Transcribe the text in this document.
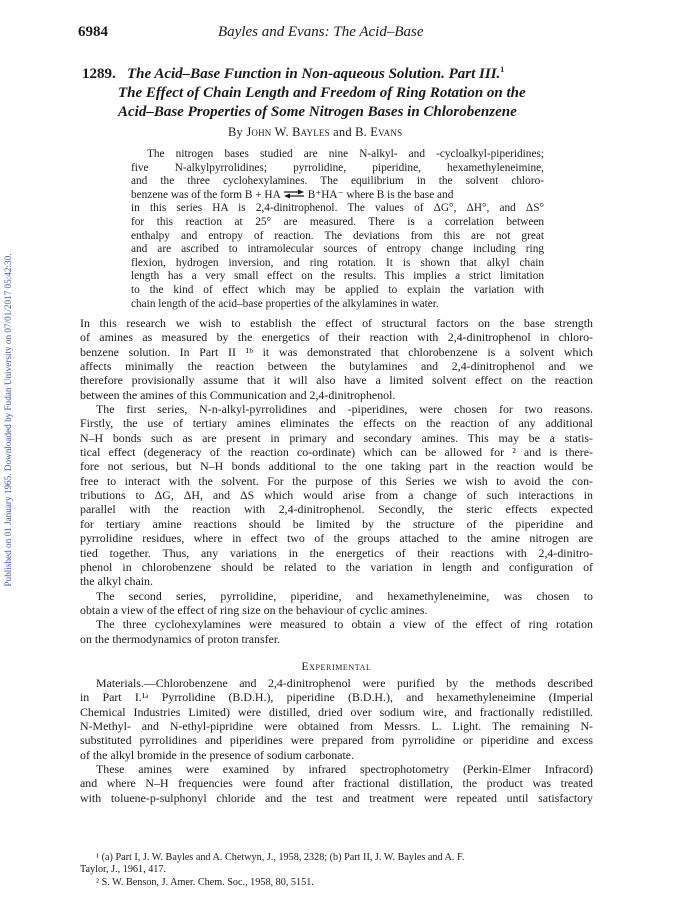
Published on 01 January 1965. Downloaded by Fudan University on 07/01/2017 05:42:30.
6984	Bayles and Evans: The Acid–Base
1289. The Acid–Base Function in Non-aqueous Solution. Part III.$^1$
The Effect of Chain Length and Freedom of Ring Rotation on the
Acid–Base Properties of Some Nitrogen Bases in Chlorobenzene
By John W. Bayles and B. Evans
The nitrogen bases studied are nine N-alkyl- and -cycloalkyl-piperidines;
five N-alkylpyrrolidines; pyrrolidine, piperidine, hexamethyleneimine,
and the three cyclohexylamines. The equilibrium in the solvent chloro-
benzene was of the form B + HA ⇌ B⁺HA⁻ where B is the base and
in this series HA is 2,4-dinitrophenol. The values of ΔG°, ΔH°, and ΔS°
for this reaction at 25° are measured. There is a correlation between
enthalpy and entropy of reaction. The deviations from this are not great
and are ascribed to intramolecular sources of entropy change including ring
flexion, hydrogen inversion, and ring rotation. It is shown that alkyl chain
length has a very small effect on the results. This implies a strict limitation
to the kind of effect which may be applied to explain the variation with
chain length of the acid–base properties of the alkylamines in water.
In this research we wish to establish the effect of structural factors on the base strength
of amines as measured by the energetics of their reaction with 2,4-dinitrophenol in chloro-
benzene solution. In Part II ¹ᵇ it was demonstrated that chlorobenzene is a solvent which
affects minimally the reaction between the butylamines and 2,4-dinitrophenol and we
therefore provisionally assume that it will also have a limited solvent effect on the reaction
between the amines of this Communication and 2,4-dinitrophenol.
The first series, N-n-alkyl-pyrrolidines and -piperidines, were chosen for two reasons.
Firstly, the use of tertiary amines eliminates the effects on the reaction of any additional
N–H bonds such as are present in primary and secondary amines. This may be a statis-
tical effect (degeneracy of the reaction co-ordinate) which can be allowed for ² and is there-
fore not serious, but N–H bonds additional to the one taking part in the reaction would be
free to interact with the solvent. For the purpose of this Series we wish to avoid the con-
tributions to ΔG, ΔH, and ΔS which would arise from a change of such interactions in
parallel with the reaction with 2,4-dinitrophenol. Secondly, the steric effects expected
for tertiary amine reactions should be limited by the structure of the piperidine and
pyrrolidine residues, where in effect two of the groups attached to the amine nitrogen are
tied together. Thus, any variations in the energetics of their reactions with 2,4-dinitro-
phenol in chlorobenzene should be related to the variation in length and configuration of
the alkyl chain.
The second series, pyrrolidine, piperidine, and hexamethyleneimine, was chosen to
obtain a view of the effect of ring size on the behaviour of cyclic amines.
The three cyclohexylamines were measured to obtain a view of the effect of ring rotation
on the thermodynamics of proton transfer.
Experimental
Materials.—Chlorobenzene and 2,4-dinitrophenol were purified by the methods described
in Part I.¹ᵃ Pyrrolidine (B.D.H.), piperidine (B.D.H.), and hexamethyleneimine (Imperial
Chemical Industries Limited) were distilled, dried over sodium wire, and fractionally redistilled.
N-Methyl- and N-ethyl-pipridine were obtained from Messrs. L. Light. The remaining N-
substituted pyrrolidines and piperidines were prepared from pyrrolidine or piperidine and excess
of the alkyl bromide in the presence of sodium carbonate.
These amines were examined by infrared spectrophotometry (Perkin-Elmer Infracord)
and where N–H frequencies were found after fractional distillation, the product was treated
with toluene-p-sulphonyl chloride and the test and treatment were repeated until satisfactory
¹ (a) Part I, J. W. Bayles and A. Chetwyn, J., 1958, 2328; (b) Part II, J. W. Bayles and A. F.
Taylor, J., 1961, 417.
² S. W. Benson, J. Amer. Chem. Soc., 1958, 80, 5151.
